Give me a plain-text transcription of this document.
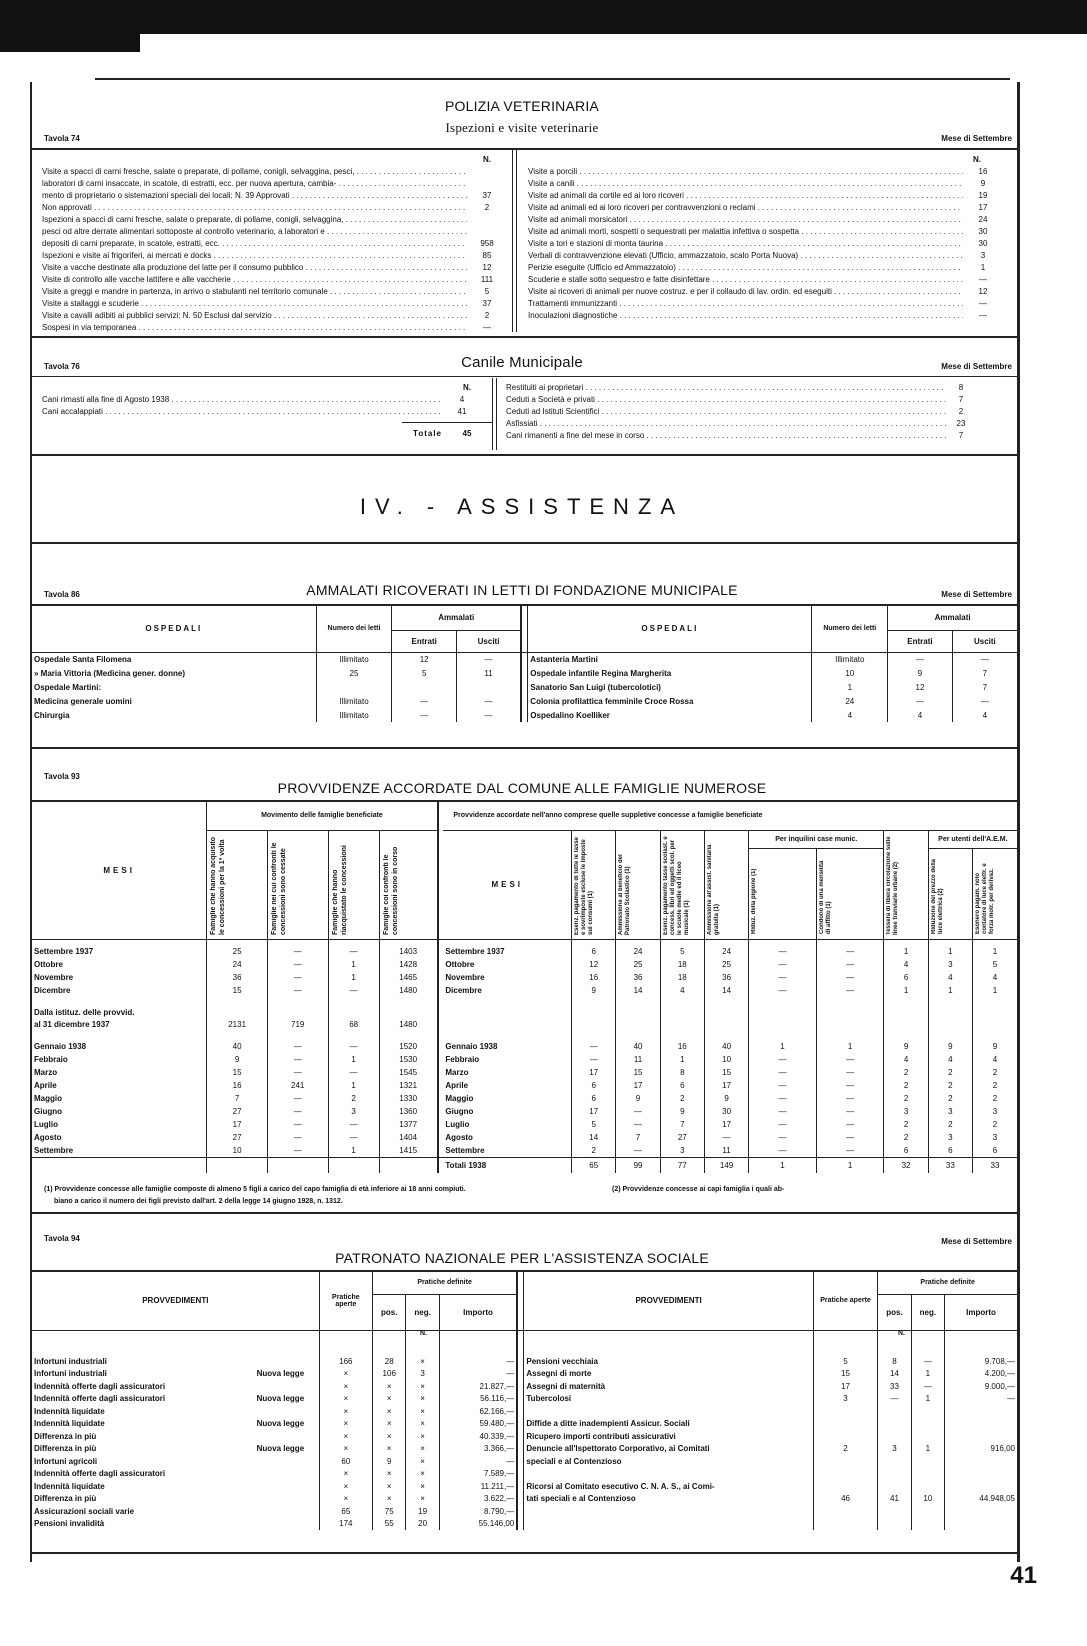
Tavola 74
POLIZIA VETERINARIA
Ispezioni e visite veterinarie
Mese di Settembre
N.	N.
Visite a spacci di carni fresche, salate o preparate, di pollame, conigli, selvaggina, pesci, . . .
laboratori di carni insaccate, in scatole, di estratti, ecc. per nuova apertura, cambia- . . .
mento di proprietario o sistemazioni speciali dei locali: N. 39 Approvati . . .	37
Non approvati . . .	2
Ispezioni a spacci di carni fresche, salate o preparate, di pollame, conigli, selvaggina, . . .
pesci od altre derrate alimentari sottoposte al controllo veterinario, a laboratori e . . .
depositi di carni preparate, in scatole, estratti, ecc. . . .	958
Ispezioni e visite ai frigoriferi, ai mercati e docks . . .	85
Visite a vacche destinate alla produzione del latte per il consumo pubblico . . .	12
Visite di controllo alle vacche lattifere e alle vaccherie . . .	111
Visite a greggi e mandre in partenza, in arrivo o stabulanti nel territorio comunale . . .	5
Visite a stallaggi e scuderie . . .	37
Visite a cavalli adibiti ai pubblici servizi: N. 50 Esclusi dal servizio . . .	2
Sospesi in via temporanea . . .	—
Visite a porcili . . .	16
Visite a canili . . .	9
Visite ad animali da cortile ed ai loro ricoveri . . .	19
Visite ad animali ed ai loro ricoveri per contravvenzioni o reclami . . .	17
Visite ad animali morsicatori . . .	24
Visite ad animali morti, sospetti o sequestrati per malattia infettiva o sospetta . . .	30
Visite a tori e stazioni di monta taurina . . .	30
Verbali di contravvenzione elevati (Ufficio, ammazzatoio, scalo Porta Nuova) . . .	3
Perizie eseguite (Ufficio ed Ammazzatoio) . . .	1
Scuderie e stalle sotto sequestro e fatte disinfettare . . .	—
Visite ai ricoveri di animali per nuove costruz. e per il collaudo di lav. ordin. ed eseguiti . . .	12
Trattamenti immunizzanti . . .	—
Inoculazioni diagnostiche . . .	—
Tavola 76	Canile Municipale	Mese di Settembre
N.
Cani rimasti alla fine di Agosto 1938 . . .	4
Cani accalappiati . . .	41
Totale	45
Restituiti ai proprietari . . .	8
Ceduti a Società e privati . . .	7
Ceduti ad Istituti Scientifici . . .	2
Asfissiati . . .	23
Cani rimanenti a fine del mese in corso . . .	7
IV. - ASSISTENZA
Tavola 86	AMMALATI RICOVERATI IN LETTI DI FONDAZIONE MUNICIPALE	Mese di Settembre
OSPEDALI	Numero dei letti	Ammalati			OSPEDALI	Numero dei letti	Ammalati	
		Entrati	Usciti				Entrati	Usciti
Ospedale Santa Filomena	Illimitato	12	—		Astanteria Martini	Illimitato	—	—
» Maria Vittoria (Medicina gener. donne)	25	5	11		Ospedale infantile Regina Margherita	10	9	7
Ospedale Martini:					Sanatorio San Luigi (tubercolotici)	1	12	7
Medicina generale uomini	Illimitato	—	—		Colonia profilattica femminile Croce Rossa	24	—	—
Chirurgia	Illimitato	—	—		Ospedalino Koelliker	4	4	4
Tavola 93
PROVVIDENZE ACCORDATE DAL COMUNE ALLE FAMIGLIE NUMEROSE
MESI	Movimento delle famiglie beneficiate					Provvidenze accordate nell'anno comprese quelle suppletive concesse a famiglie beneficiate									

	Famiglie che hanno acquisito le concessioni per la 1ª volta	Famiglie nei cui confronti le concessioni sono cessate	Famiglie che hanno riacquistato le concessioni	Famiglie coi confronti le concessioni sono in corso		MESI	Esenz. pagamento di tutte le tasse e sovrimposte escluse le imposte sui consumi (1)	Ammissione al beneficio del Patronato Scolastico (1)	Esenz. pagamento tasse scolast. e concess. libri ed oggetti scol. per le scuole medie ed il liceo musicale (1)	Ammissione all'assist. sanitaria gratuita (1)	Per inquilini case munic.		Tessera di libera circolazione sulle linee tranviarie urbane (2)	Per utenti dell'A.E.M.	

											Riduz. della pigione (1)	Condono di una mensilità di affitto (1)		Riduzione del prezzo della luce elettrica (2)	Esonero pagam. nolo contatore di luce elettr. e forza motr. per derivaz.

Settembre 1937	25	—	—	1403		Settembre 1937	6	24	5	24	—	—	1	1	1
Ottobre	24	—	1	1428		Ottobre	12	25	18	25	—	—	4	3	5
Novembre	36	—	1	1465		Novembre	16	36	18	36	—	—	6	4	4
Dicembre	15	—	—	1480		Dicembre	9	14	4	14	—	—	1	1	1

Dalla istituz. delle provvid.															
al 31 dicembre 1937	2131	719	68	1480											

Gennaio 1938	40	—	—	1520		Gennaio 1938	—	40	16	40	1	1	9	9	9
Febbraio	9	—	1	1530		Febbraio	—	11	1	10	—	—	4	4	4
Marzo	15	—	—	1545		Marzo	17	15	8	15	—	—	2	2	2
Aprile	16	241	1	1321		Aprile	6	17	6	17	—	—	2	2	2
Maggio	7	—	2	1330		Maggio	6	9	2	9	—	—	2	2	2
Giugno	27	—	3	1360		Giugno	17	—	9	30	—	—	3	3	3
Luglio	17	—	—	1377		Luglio	5	—	7	17	—	—	2	2	2
Agosto	27	—	—	1404		Agosto	14	7	27	—	—	—	2	3	3
Settembre	10	—	1	1415		Settembre	2	—	3	11	—	—	6	6	6
						Totali 1938	65	99	77	149	1	1	32	33	33
(1) Provvidenze concesse alle famiglie composte di almeno 5 figli a carico del capo famiglia di età inferiore ai 18 anni compiuti.	(2) Provvidenze concesse ai capi famiglia i quali ab-
biano a carico il numero dei figli previsto dall'art. 2 della legge 14 giugno 1928, n. 1312.
Tavola 94
PATRONATO NAZIONALE PER L'ASSISTENZA SOCIALE
Mese di Settembre
PROVVEDIMENTI		Pratiche aperte	Pratiche definite				PROVVEDIMENTI	Pratiche aperte	Pratiche definite		
			pos.	neg.	Importo				pos.	neg.	Importo

Infortuni industriali		166	28	×	—		Pensioni vecchiaia	5	8	—	9.708,—
Infortuni industriali	Nuova legge	×	106	3	—		Assegni di morte	15	14	1	4.200,—
Indennità offerte dagli assicuratori		×	×	×	21.827,—		Assegni di maternità	17	33	—	9.000,—
Indennità offerte dagli assicuratori	Nuova legge	×	×	×	56.116,—		Tubercolosi	3	—	1	—
Indennità liquidate		×	×	×	62.166,—						
Indennità liquidate	Nuova legge	×	×	×	59.480,—		Diffide a ditte inadempienti Assicur. Sociali				
Differenza in più		×	×	×	40.339,—		Ricupero importi contributi assicurativi				
Differenza in più	Nuova legge	×	×	×	3.366,—		Denuncie all'Ispettorato Corporativo, ai Comitati	2	3	1	916,00
Infortuni agricoli		60	9	×	—		speciali e al Contenzioso				
Indennità offerte dagli assicuratori		×	×	×	7.589,—						
Indennità liquidate		×	×	×	11.211,—		Ricorsi al Comitato esecutivo C. N. A. S., ai Comi-				
Differenza in più		×	×	×	3.622,—		tati speciali e al Contenzioso	46	41	10	44.948,05
Assicurazioni sociali varie		65	75	19	8.790,—						
Pensioni invalidità		174	55	20	55.146,00						
N.
N.
41
